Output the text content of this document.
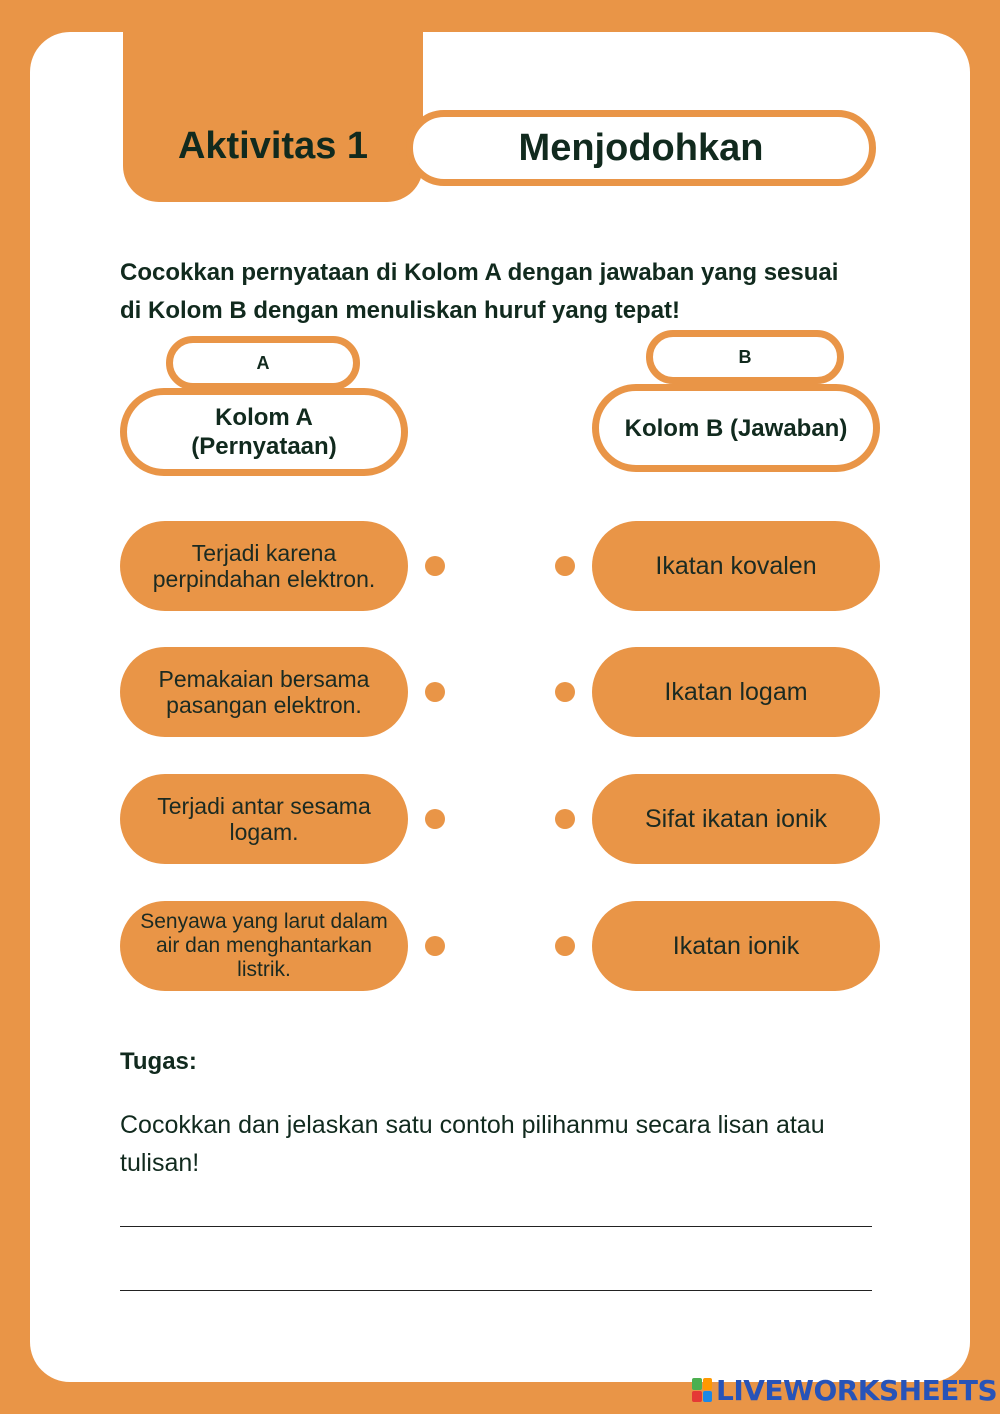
Aktivitas 1	Menjodohkan
Cocokkan pernyataan di Kolom A dengan jawaban yang sesuai di Kolom B dengan menuliskan huruf yang tepat!
A
Kolom A
(Pernyataan)
B
Kolom B (Jawaban)
Terjadi karena perpindahan elektron.
Pemakaian bersama pasangan elektron.
Terjadi antar sesama logam.
Senyawa yang larut dalam air dan menghantarkan listrik.
Ikatan kovalen
Ikatan logam
Sifat ikatan ionik
Ikatan ionik
Tugas:
Cocokkan dan jelaskan satu contoh pilihanmu secara lisan atau tulisan!
LIVEWORKSHEETS
